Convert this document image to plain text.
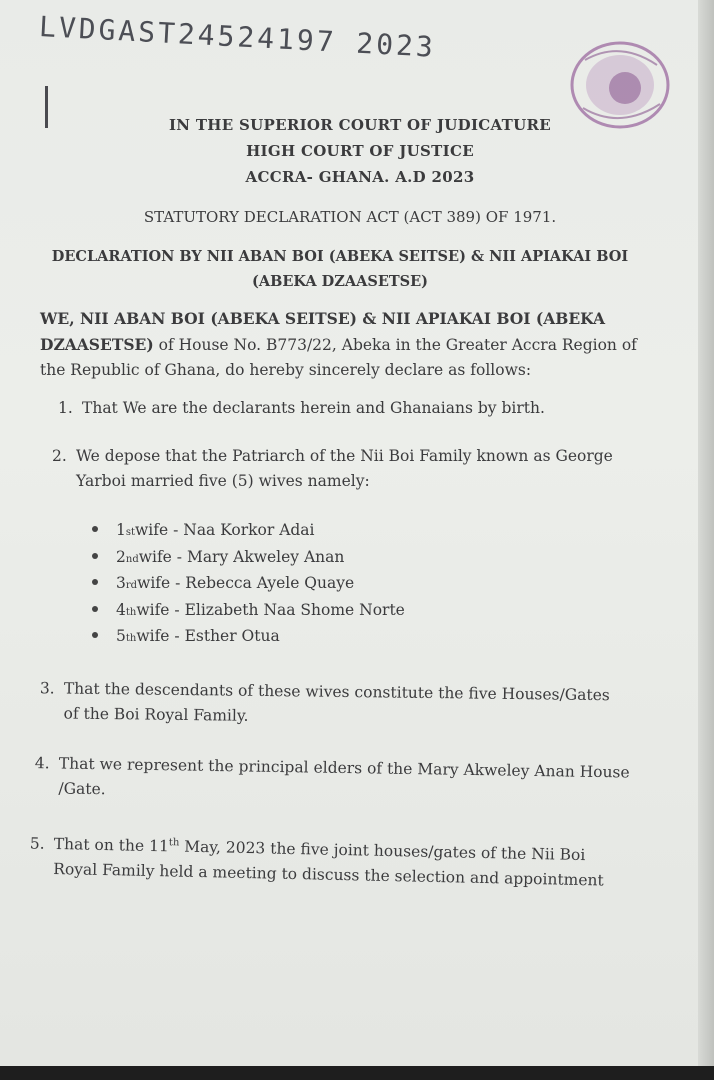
LVDGAST24524197 2023
IN THE SUPERIOR COURT OF JUDICATURE
HIGH COURT OF JUSTICE
ACCRA- GHANA. A.D 2023
STATUTORY DECLARATION ACT (ACT 389) OF 1971.
DECLARATION BY NII ABAN BOI (ABEKA SEITSE) & NII APIAKAI BOI
(ABEKA DZAASETSE)
WE, NII ABAN BOI (ABEKA SEITSE) & NII APIAKAI BOI (ABEKA
DZAASETSE) of House No. B773/22, Abeka in the Greater Accra Region of
the Republic of Ghana, do hereby sincerely declare as follows:
1. That We are the declarants herein and Ghanaians by birth.
2. We depose that the Patriarch of the Nii Boi Family known as George
Yarboi married five (5) wives namely:
1 st wife - Naa Korkor Adai
2 nd wife - Mary Akweley Anan
3 rd wife - Rebecca Ayele Quaye
4 th wife - Elizabeth Naa Shome Norte
5 th wife - Esther Otua
3. That the descendants of these wives constitute the five Houses/Gates
of the Boi Royal Family.
4. That we represent the principal elders of the Mary Akweley Anan House
/Gate.
5. That on the 11th May, 2023 the five joint houses/gates of the Nii Boi
Royal Family held a meeting to discuss the selection and appointment
